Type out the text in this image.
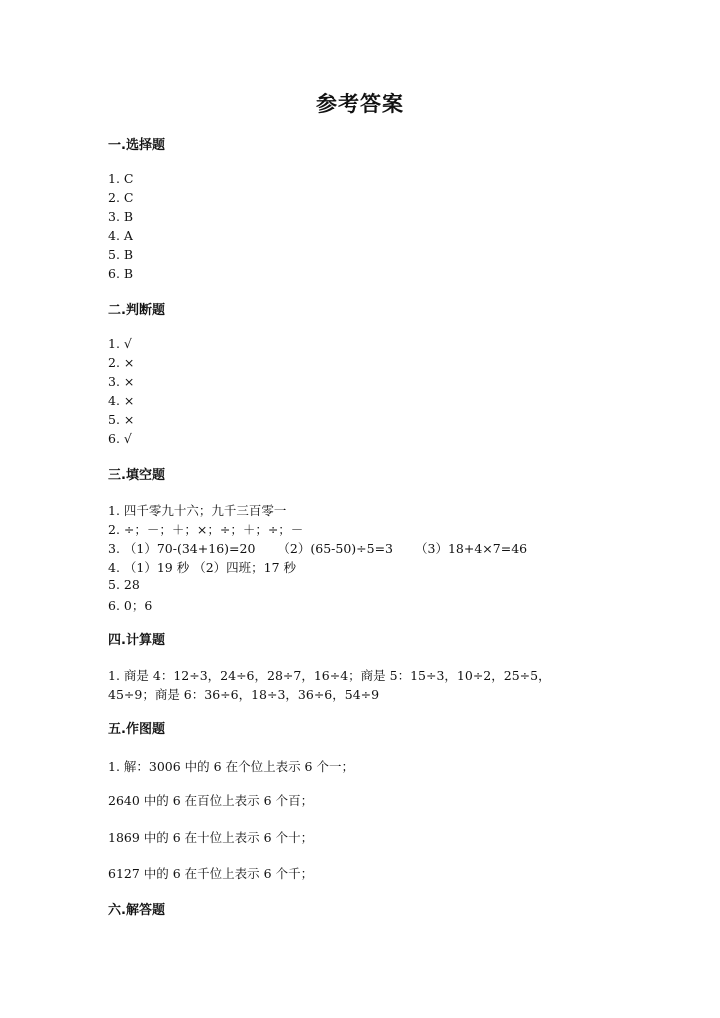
参考答案
一.选择题
1. C
2. C
3. B
4. A
5. B
6. B
二.判断题
1. √
2. ×
3. ×
4. ×
5. ×
6. √
三.填空题
1. 四千零九十六；九千三百零一
2. ÷；－；＋；×；÷；＋；÷；－
3. （1）70-(34+16)=20 （2）(65-50)÷5=3 （3）18+4×7=46
4. （1）19 秒 （2）四班；17 秒
5. 28
6. 0；6
四.计算题
1. 商是 4：12÷3，24÷6，28÷7，16÷4；商是 5：15÷3，10÷2，25÷5，
45÷9；商是 6：36÷6，18÷3，36÷6，54÷9
五.作图题
1. 解：3006 中的 6 在个位上表示 6 个一；
2640 中的 6 在百位上表示 6 个百；
1869 中的 6 在十位上表示 6 个十；
6127 中的 6 在千位上表示 6 个千；
六.解答题
